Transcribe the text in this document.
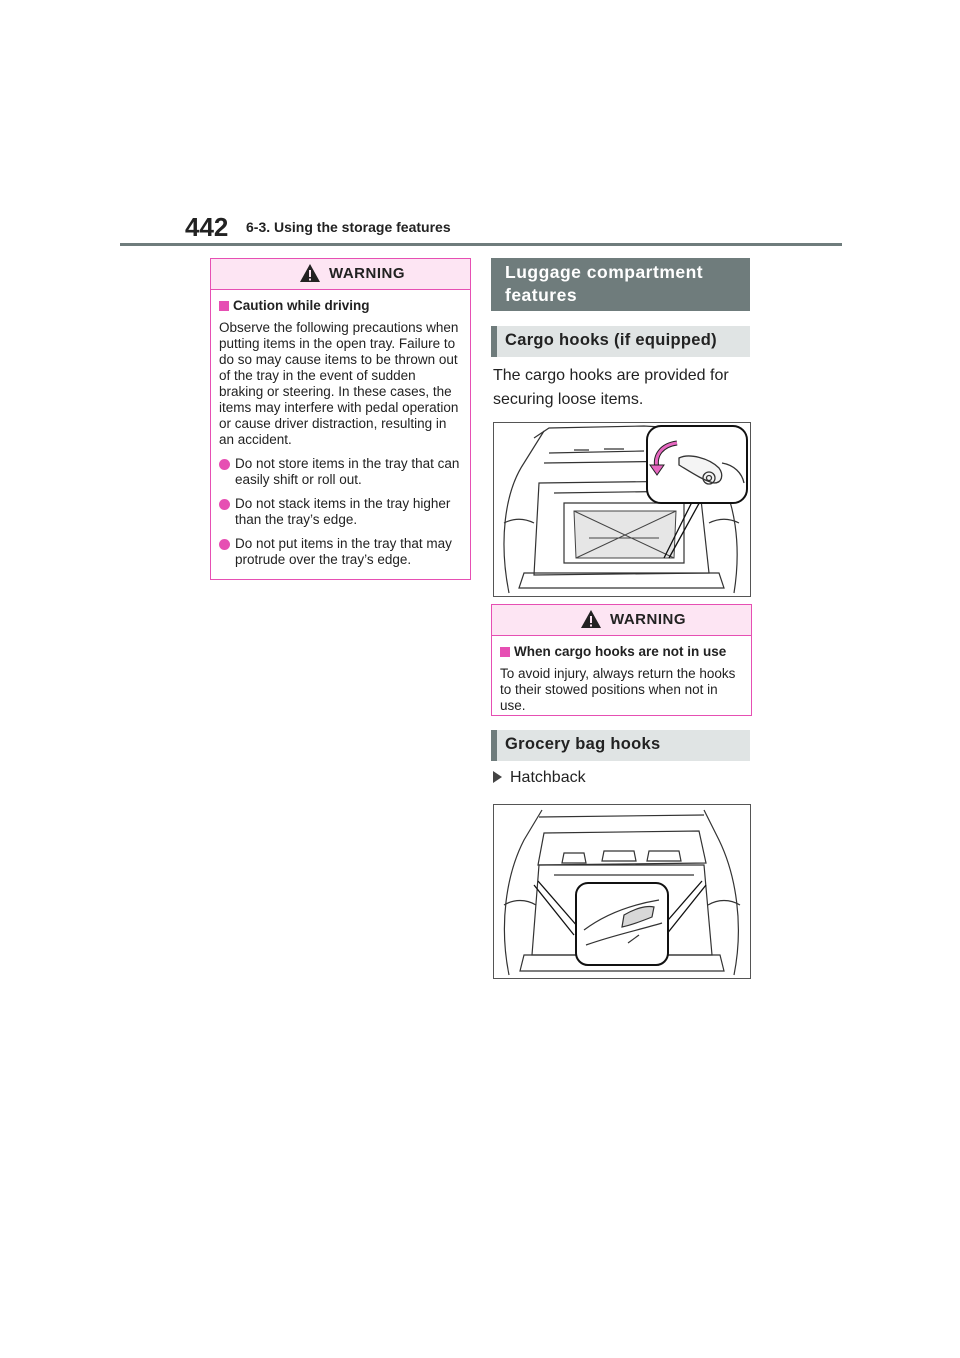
442 6-3. Using the storage features
WARNING
Caution while driving
Observe the following precautions when putting items in the open tray. Failure to do so may cause items to be thrown out of the tray in the event of sudden braking or steering. In these cases, the items may interfere with pedal operation or cause driver distraction, resulting in an accident.
Do not store items in the tray that can easily shift or roll out.
Do not stack items in the tray higher than the tray’s edge.
Do not put items in the tray that may protrude over the tray’s edge.
Luggage compartment
features
Cargo hooks (if equipped)
The cargo hooks are provided for securing loose items.
WARNING
When cargo hooks are not in use
To avoid injury, always return the hooks to their stowed positions when not in use.
Grocery bag hooks
Hatchback
